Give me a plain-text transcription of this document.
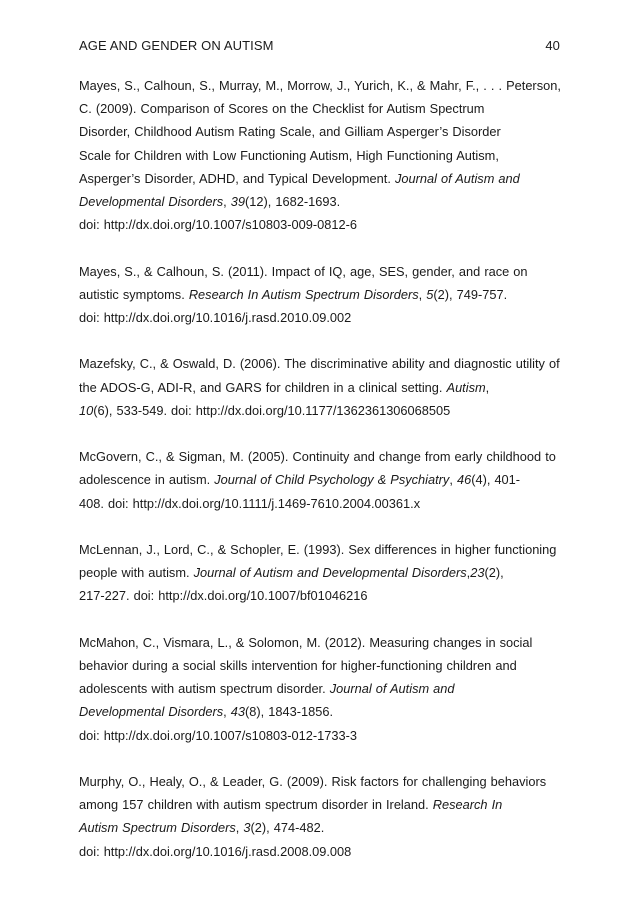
AGE AND GENDER ON AUTISM	40

Mayes, S., Calhoun, S., Murray, M., Morrow, J., Yurich, K., & Mahr, F., . . . Peterson,
C. (2009). Comparison of Scores on the Checklist for Autism Spectrum
Disorder, Childhood Autism Rating Scale, and Gilliam Asperger’s Disorder
Scale for Children with Low Functioning Autism, High Functioning Autism,
Asperger’s Disorder, ADHD, and Typical Development. Journal of Autism and
Developmental Disorders, 39(12), 1682-1693.
doi: http://dx.doi.org/10.1007/s10803-009-0812-6

Mayes, S., & Calhoun, S. (2011). Impact of IQ, age, SES, gender, and race on
autistic symptoms. Research In Autism Spectrum Disorders, 5(2), 749-757.
doi: http://dx.doi.org/10.1016/j.rasd.2010.09.002

Mazefsky, C., & Oswald, D. (2006). The discriminative ability and diagnostic utility of
the ADOS-G, ADI-R, and GARS for children in a clinical setting. Autism,
10(6), 533-549. doi: http://dx.doi.org/10.1177/1362361306068505

McGovern, C., & Sigman, M. (2005). Continuity and change from early childhood to
adolescence in autism. Journal of Child Psychology & Psychiatry, 46(4), 401-
408. doi: http://dx.doi.org/10.1111/j.1469-7610.2004.00361.x

McLennan, J., Lord, C., & Schopler, E. (1993). Sex differences in higher functioning
people with autism. Journal of Autism and Developmental Disorders,23(2),
217-227. doi: http://dx.doi.org/10.1007/bf01046216

McMahon, C., Vismara, L., & Solomon, M. (2012). Measuring changes in social
behavior during a social skills intervention for higher-functioning children and
adolescents with autism spectrum disorder. Journal of Autism and
Developmental Disorders, 43(8), 1843-1856.
doi: http://dx.doi.org/10.1007/s10803-012-1733-3

Murphy, O., Healy, O., & Leader, G. (2009). Risk factors for challenging behaviors
among 157 children with autism spectrum disorder in Ireland. Research In
Autism Spectrum Disorders, 3(2), 474-482.
doi: http://dx.doi.org/10.1016/j.rasd.2008.09.008
